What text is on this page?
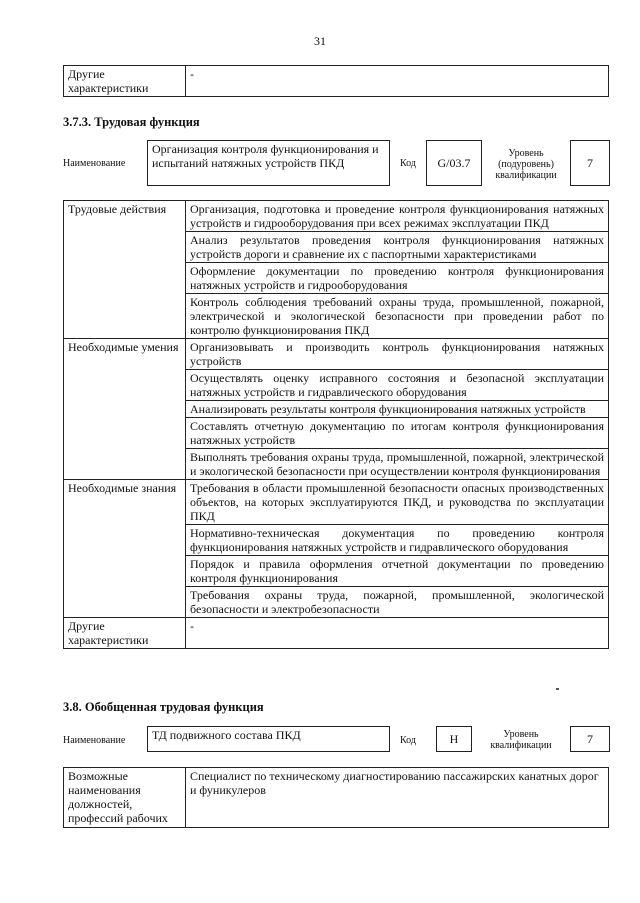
31
Другие характеристики	-
3.7.3. Трудовая функция
Наименование
Организация контроля функционирования и испытаний натяжных устройств ПКД	Код G/03.7
Уровень (подуровень) квалификации
7
Трудовые действия	Организация, подготовка и проведение контроля функционирования натяжных устройств и гидрооборудования при всех режимах эксплуатации ПКД
	Анализ результатов проведения контроля функционирования натяжных устройств дороги и сравнение их с паспортными характеристиками
	Оформление документации по проведению контроля функционирования натяжных устройств и гидрооборудования
	Контроль соблюдения требований охраны труда, промышленной, пожарной, электрической и экологической безопасности при проведении работ по контролю функционирования ПКД
Необходимые умения	Организовывать и производить контроль функционирования натяжных устройств
	Осуществлять оценку исправного состояния и безопасной эксплуатации натяжных устройств и гидравлического оборудования
	Анализировать результаты контроля функционирования натяжных устройств
	Составлять отчетную документацию по итогам контроля функционирования натяжных устройств
	Выполнять требования охраны труда, промышленной, пожарной, электрической и экологической безопасности при осуществлении контроля функционирования
Необходимые знания	Требования в области промышленной безопасности опасных производственных объектов, на которых эксплуатируются ПКД, и руководства по эксплуатации ПКД
	Нормативно-техническая документация по проведению контроля функционирования натяжных устройств и гидравлического оборудования
	Порядок и правила оформления отчетной документации по проведению контроля функционирования
	Требования охраны труда, пожарной, промышленной, экологической безопасности и электробезопасности
Другие характеристики	-
3.8. Обобщенная трудовая функция
Наименование	ТД подвижного состава ПКД	Код	H	Уровень квалификации	7
Возможные наименования должностей, профессий рабочих	Специалист по техническому диагностированию пассажирских канатных дорог и фуникулеров
